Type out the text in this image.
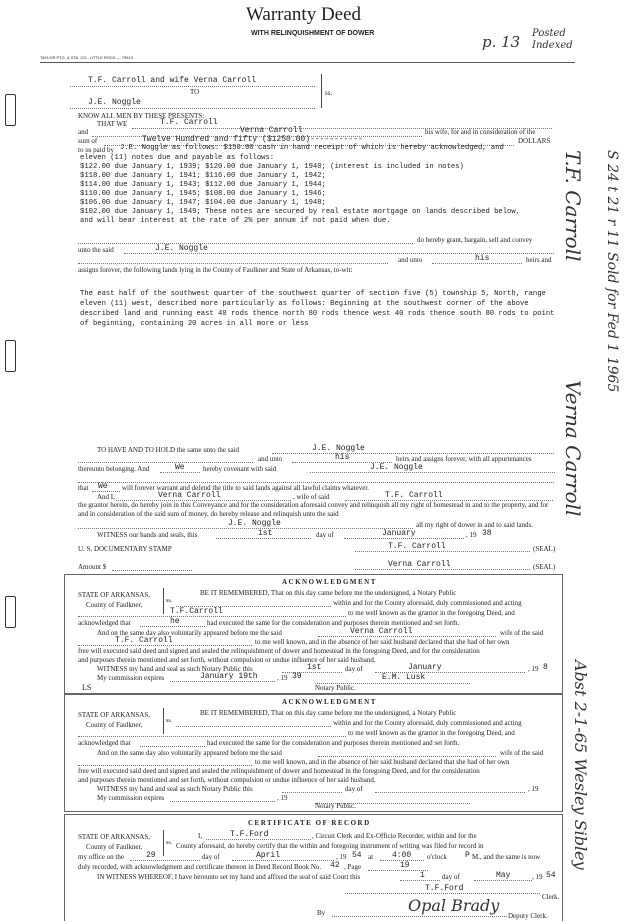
Warranty Deed
WITH RELINQUISHMENT OF DOWER
TAYLOR PTG. & STA. CO., LITTLE ROCK — 79513
p. 13 Posted Indexed
T.F. Carroll and wife Verna Carroll
TO
J.E. Noggle
ss.
KNOW ALL MEN BY THESE PRESENTS:
THAT WE	T.F. Carroll
and	Verna Carroll	his wife, for and in consideration of the
sum of	Twelve Hundred and fifty ($1250.00)-----------	DOLLARS
to us paid by J.E. Noggle as follows: $150.00 cash in hand receipt of which is hereby acknowledged, and
eleven (11) notes due and payable as follows:
$122.00 due January 1, 1939; $120.00 due January 1, 1940; (interest is included in notes)
$118.00 due January 1, 1941; $116.00 due January 1, 1942;
$114.00 due January 1, 1943; $112.00 due January 1, 1944;
$110.00 due January 1, 1945; $108.00 due January 1, 1946;
$106.00 due January 1, 1947; $104.00 due January 1, 1948;
$102.00 due January 1, 1949; These notes are secured by real estate mortgage on lands described below,
and will bear interest at the rate of 2% per annum if not paid when due.
do hereby grant, bargain, sell and convey
unto the said	J.E. Noggle
and unto	his	heirs and
assigns forever, the following lands lying in the County of Faulkner and State of Arkansas, to-wit:
The east half of the southwest quarter of the southwest quarter of section five (5) township 5, North, range eleven (11) west, described more particularly as follows: Beginning at the southwest corner of the above described land and running east 40 rods thence north 80 rods thence west 40 rods thence south 80 rods to point of beginning, containing 20 acres in all more or less
TO HAVE AND TO HOLD the same unto the said	J.E. Noggle
and unto	his	heirs and assigns forever, with all appurtenances
thereunto belonging. And	We	hereby covenant with said	J.E. Noggle
that We will forever warrant and defend the title to said lands against all lawful claims whatever.
And I,	Verna Carroll	, wife of said	T.F. Carroll
the grantor herein, do hereby join in this Conveyance and for the consideration aforesaid convey and relinquish all my right of homestead in and to the property, and for and in consideration of the said sum of money, do hereby release and relinquish unto the said
J.E. Noggle	all my right of dower in and to said lands.
WITNESS our hands and seals, this	1st	day of	January	, 19 38
U. S. DOCUMENTARY STAMP	T.F. Carroll	(SEAL)
Amount $	Verna Carroll	(SEAL)
ACKNOWLEDGMENT
STATE OF ARKANSAS,
County of Faulkner,	ss.
BE IT REMEMBERED, That on this day came before me the undersigned, a Notary Public
within and for the County aforesaid, duly commissioned and acting
to me well known as the grantor in the foregoing Deed, and
T.F.Carroll
acknowledged that	he	had executed the same for the consideration and purposes therein mentioned and set forth.
And on the same day also voluntarily appeared before me the said	Verna Carroll	wife of the said
T.F. Carroll	to me well known, and in the absence of her said husband declared that she had of her own
free will executed said deed and signed and sealed the relinquishment of dower and homestead in the foregoing Deed, and for the consideration
and purposes therein mentioned and set forth, without compulsion or undue influence of her said husband.
WITNESS my hand and seal as such Notary Public this	1st	day of	January	, 19 8
My commission expires	January 19th	, 19 39	E.M. Lusk
Notary Public.
LS
ACKNOWLEDGMENT
STATE OF ARKANSAS,
County of Faulkner,	ss.
BE IT REMEMBERED, That on this day came before me the undersigned, a Notary Public
within and for the County aforesaid, duly commissioned and acting
to me well known as the grantor in the foregoing Deed, and
acknowledged that	had executed the same for the consideration and purposes therein mentioned and set forth.
And on the same day also voluntarily appeared before me the said	wife of the said
to me well known, and in the absence of her said husband declared that she had of her own
free will executed said deed and signed and sealed the relinquishment of dower and homestead in the foregoing Deed, and for the consideration
and purposes therein mentioned and set forth, without compulsion or undue influence of her said husband.
WITNESS my hand and seal as such Notary Public this	day of	, 19
My commission expires	, 19
Notary Public.
CERTIFICATE OF RECORD
STATE OF ARKANSAS,
County of Faulkner,	ss.
I,	T.F.Ford	, Circuit Clerk and Ex-Officio Recorder, within and for the
County aforesaid, do hereby certify that the within and foregoing instrument of writing was filed for record in
my office on the	29	day of	April	, 19 54 at 4:00 o'clock P M., and the same is now
duly recorded, with acknowledgment and certificate thereon in Deed Record Book No. 42 , Page	19
IN WITNESS WHEREOF, I have hereunto set my hand and affixed the seal of said Court this	1 day of	May	, 19 54
T.F.Ford
Clerk.
By	Opal Brady
Deputy Clerk.
T.F. Carroll
Verna Carroll
Abst 2-1-65 Wesley Sibley
S 24 t 21 r 11 Sold for Fed 1 1965
